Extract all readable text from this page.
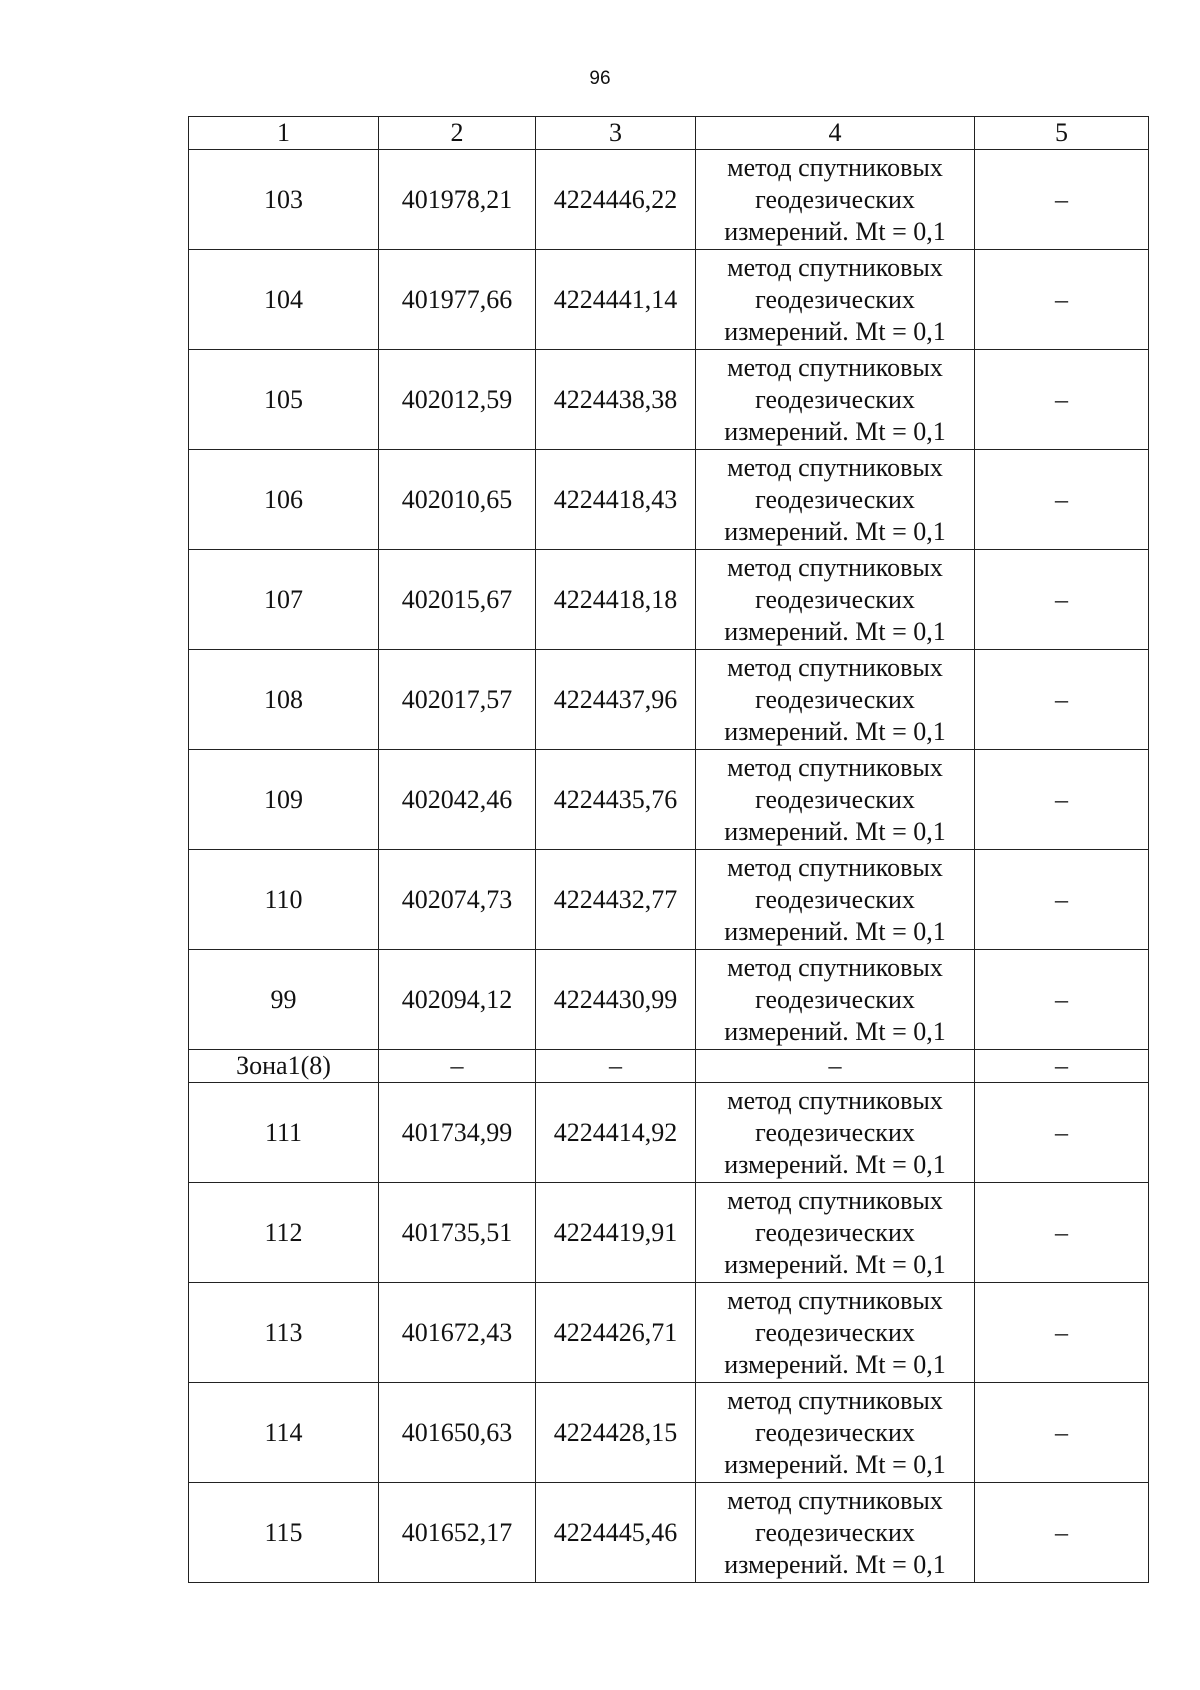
96
1	2	3	4	5
103	401978,21	4224446,22	метод спутниковых
геодезических
измерений. Mt = 0,1	–
104	401977,66	4224441,14	метод спутниковых
геодезических
измерений. Mt = 0,1	–
105	402012,59	4224438,38	метод спутниковых
геодезических
измерений. Mt = 0,1	–
106	402010,65	4224418,43	метод спутниковых
геодезических
измерений. Mt = 0,1	–
107	402015,67	4224418,18	метод спутниковых
геодезических
измерений. Mt = 0,1	–
108	402017,57	4224437,96	метод спутниковых
геодезических
измерений. Mt = 0,1	–
109	402042,46	4224435,76	метод спутниковых
геодезических
измерений. Mt = 0,1	–
110	402074,73	4224432,77	метод спутниковых
геодезических
измерений. Mt = 0,1	–
99	402094,12	4224430,99	метод спутниковых
геодезических
измерений. Mt = 0,1	–
Зона1(8)	–	–	–	–
111	401734,99	4224414,92	метод спутниковых
геодезических
измерений. Mt = 0,1	–
112	401735,51	4224419,91	метод спутниковых
геодезических
измерений. Mt = 0,1	–
113	401672,43	4224426,71	метод спутниковых
геодезических
измерений. Mt = 0,1	–
114	401650,63	4224428,15	метод спутниковых
геодезических
измерений. Mt = 0,1	–
115	401652,17	4224445,46	метод спутниковых
геодезических
измерений. Mt = 0,1	–
